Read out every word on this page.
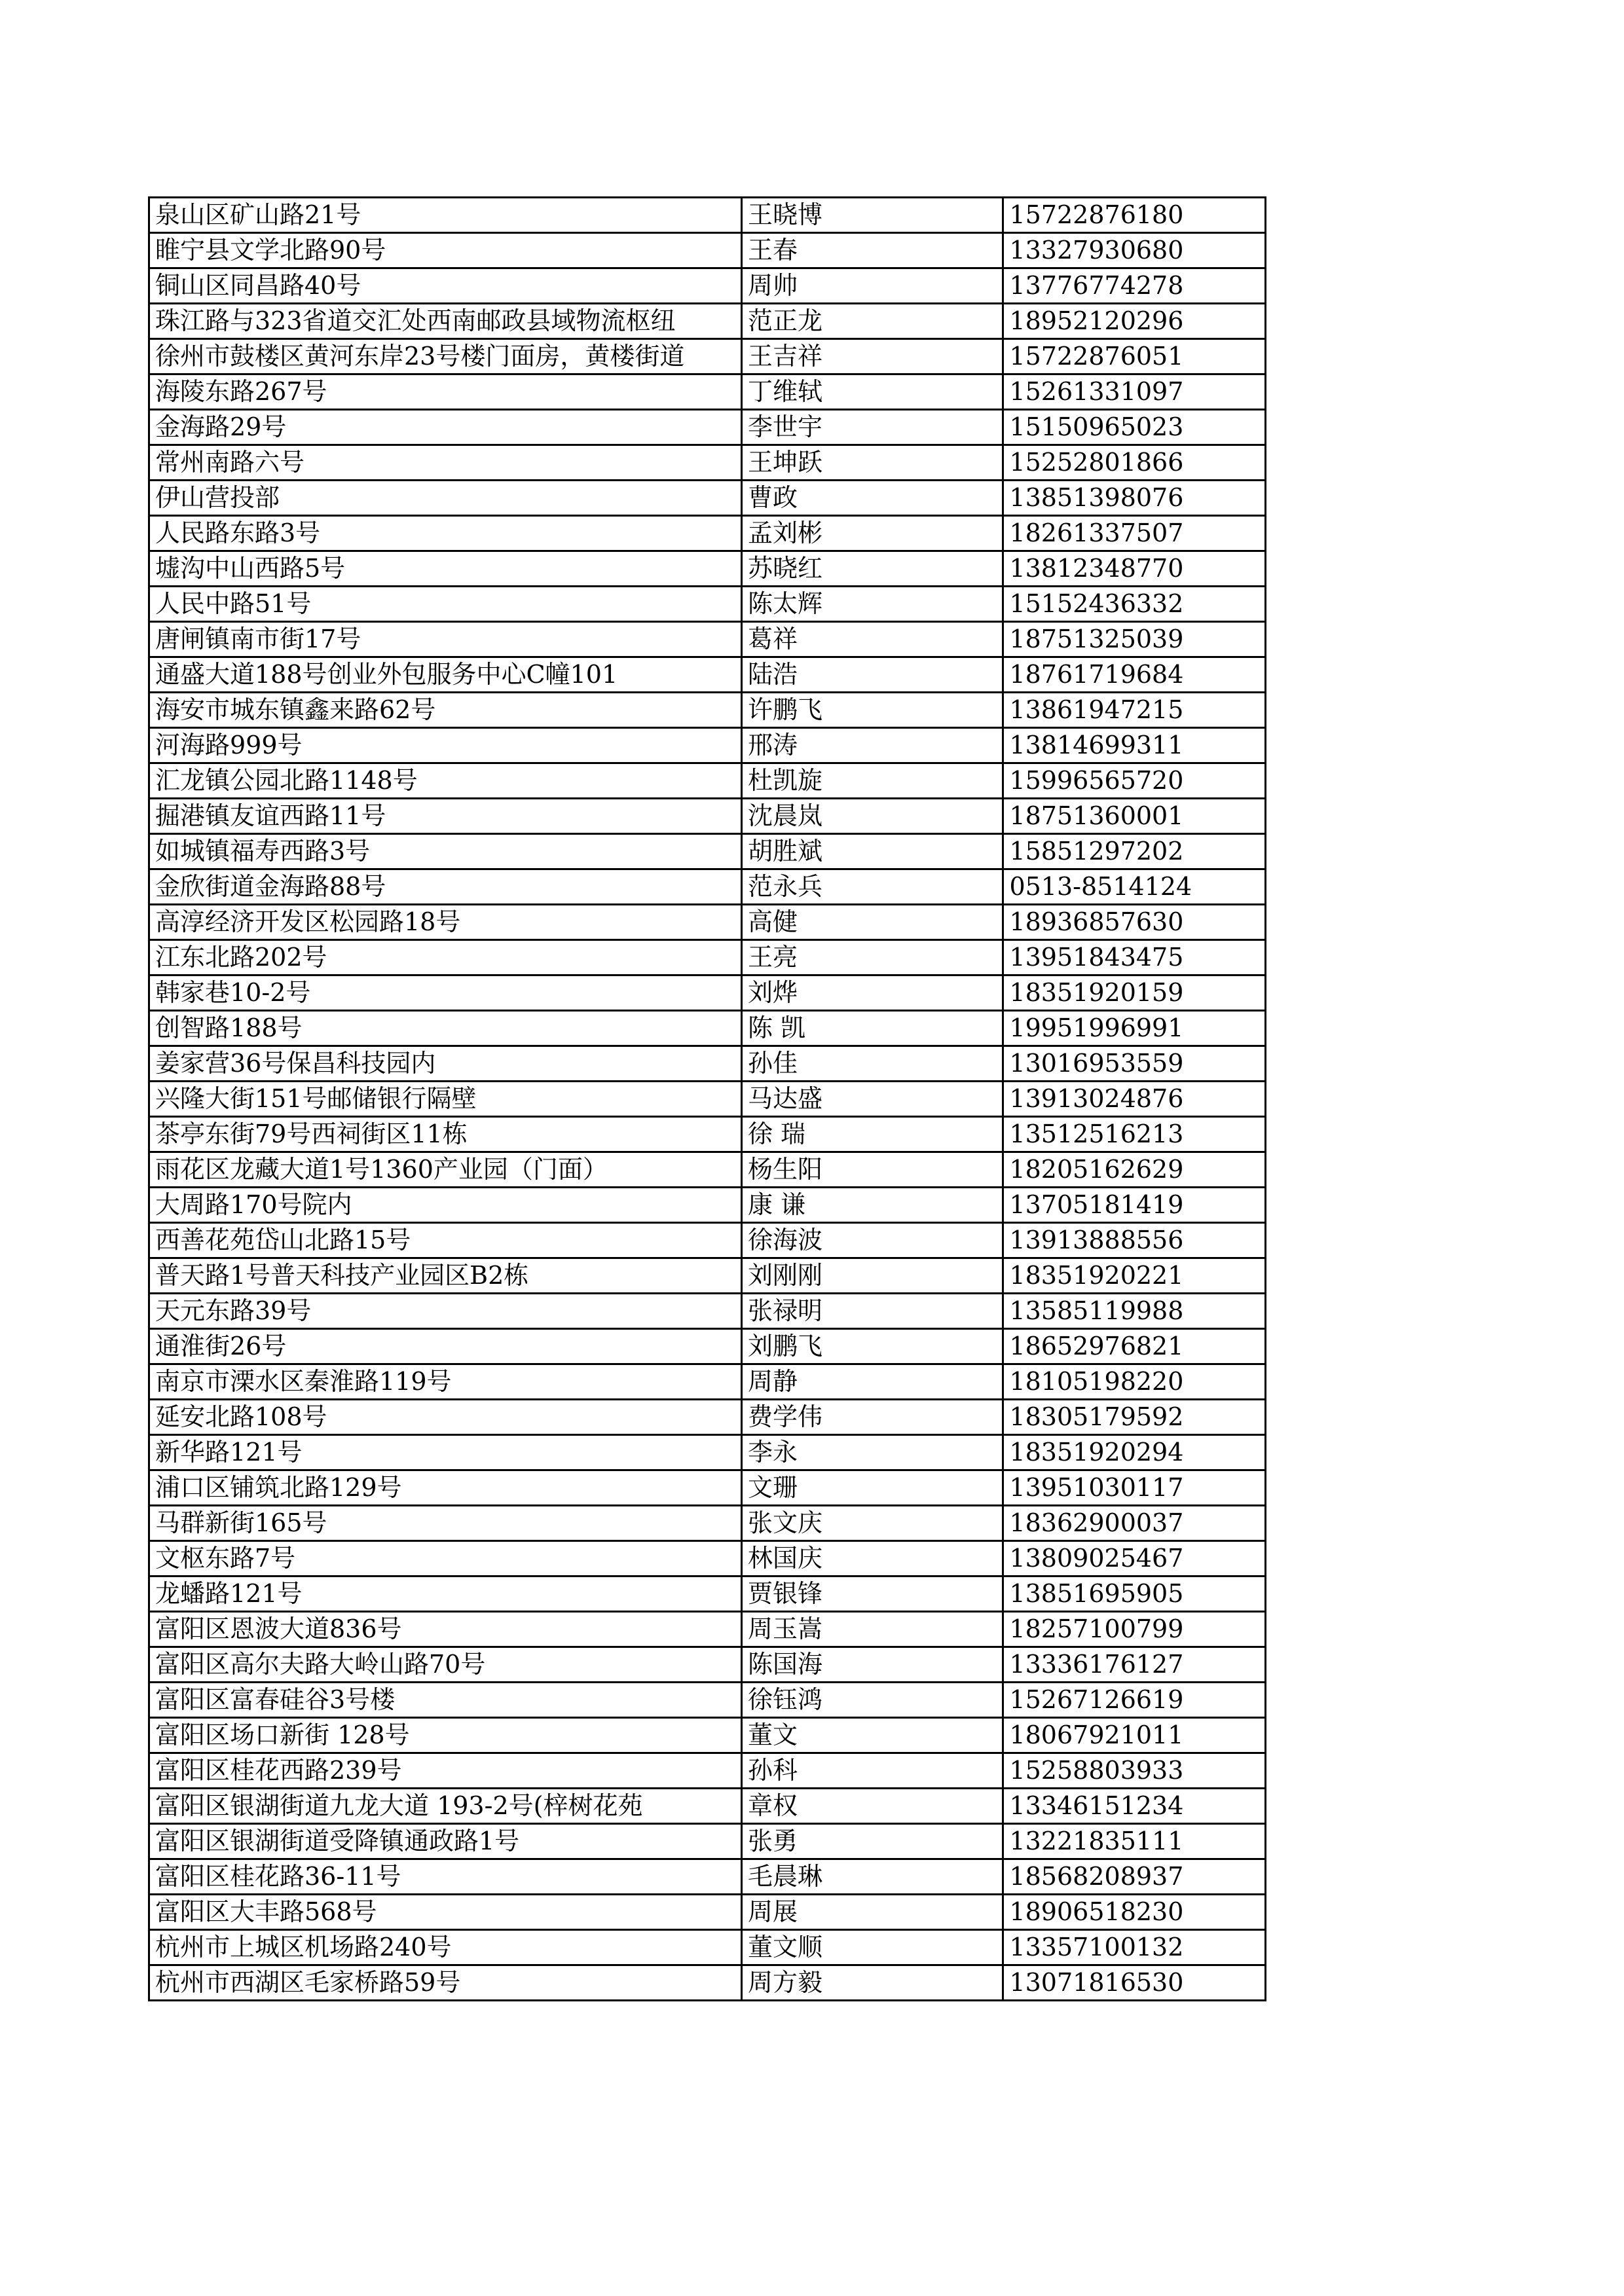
泉山区矿山路21号	王晓博	15722876180
睢宁县文学北路90号	王春	13327930680
铜山区同昌路40号	周帅	13776774278
珠江路与323省道交汇处西南邮政县域物流枢纽	范正龙	18952120296
徐州市鼓楼区黄河东岸23号楼门面房，黄楼街道	王吉祥	15722876051
海陵东路267号	丁维轼	15261331097
金海路29号	李世宇	15150965023
常州南路六号	王坤跃	15252801866
伊山营投部	曹政	13851398076
人民路东路3号	孟刘彬	18261337507
墟沟中山西路5号	苏晓红	13812348770
人民中路51号	陈太辉	15152436332
唐闸镇南市街17号	葛祥	18751325039
通盛大道188号创业外包服务中心C幢101	陆浩	18761719684
海安市城东镇鑫来路62号	许鹏飞	13861947215
河海路999号	邢涛	13814699311
汇龙镇公园北路1148号	杜凯旋	15996565720
掘港镇友谊西路11号	沈晨岚	18751360001
如城镇福寿西路3号	胡胜斌	15851297202
金欣街道金海路88号	范永兵	0513-8514124
高淳经济开发区松园路18号	高健	18936857630
江东北路202号	王亮	13951843475
韩家巷10-2号	刘烨	18351920159
创智路188号	陈 凯	19951996991
姜家营36号保昌科技园内	孙佳	13016953559
兴隆大街151号邮储银行隔壁	马达盛	13913024876
茶亭东街79号西祠街区11栋	徐 瑞	13512516213
雨花区龙藏大道1号1360产业园（门面）	杨生阳	18205162629
大周路170号院内	康 谦	13705181419
西善花苑岱山北路15号	徐海波	13913888556
普天路1号普天科技产业园区B2栋	刘刚刚	18351920221
天元东路39号	张禄明	13585119988
通淮街26号	刘鹏飞	18652976821
南京市溧水区秦淮路119号	周静	18105198220
延安北路108号	费学伟	18305179592
新华路121号	李永	18351920294
浦口区铺筑北路129号	文珊	13951030117
马群新街165号	张文庆	18362900037
文枢东路7号	林国庆	13809025467
龙蟠路121号	贾银锋	13851695905
富阳区恩波大道836号	周玉嵩	18257100799
富阳区高尔夫路大岭山路70号	陈国海	13336176127
富阳区富春硅谷3号楼	徐钰鸿	15267126619
富阳区场口新街 128号	董文	18067921011
富阳区桂花西路239号	孙科	15258803933
富阳区银湖街道九龙大道 193-2号(梓树花苑	章权	13346151234
富阳区银湖街道受降镇通政路1号	张勇	13221835111
富阳区桂花路36-11号	毛晨琳	18568208937
富阳区大丰路568号	周展	18906518230
杭州市上城区机场路240号	董文顺	13357100132
杭州市西湖区毛家桥路59号	周方毅	13071816530
